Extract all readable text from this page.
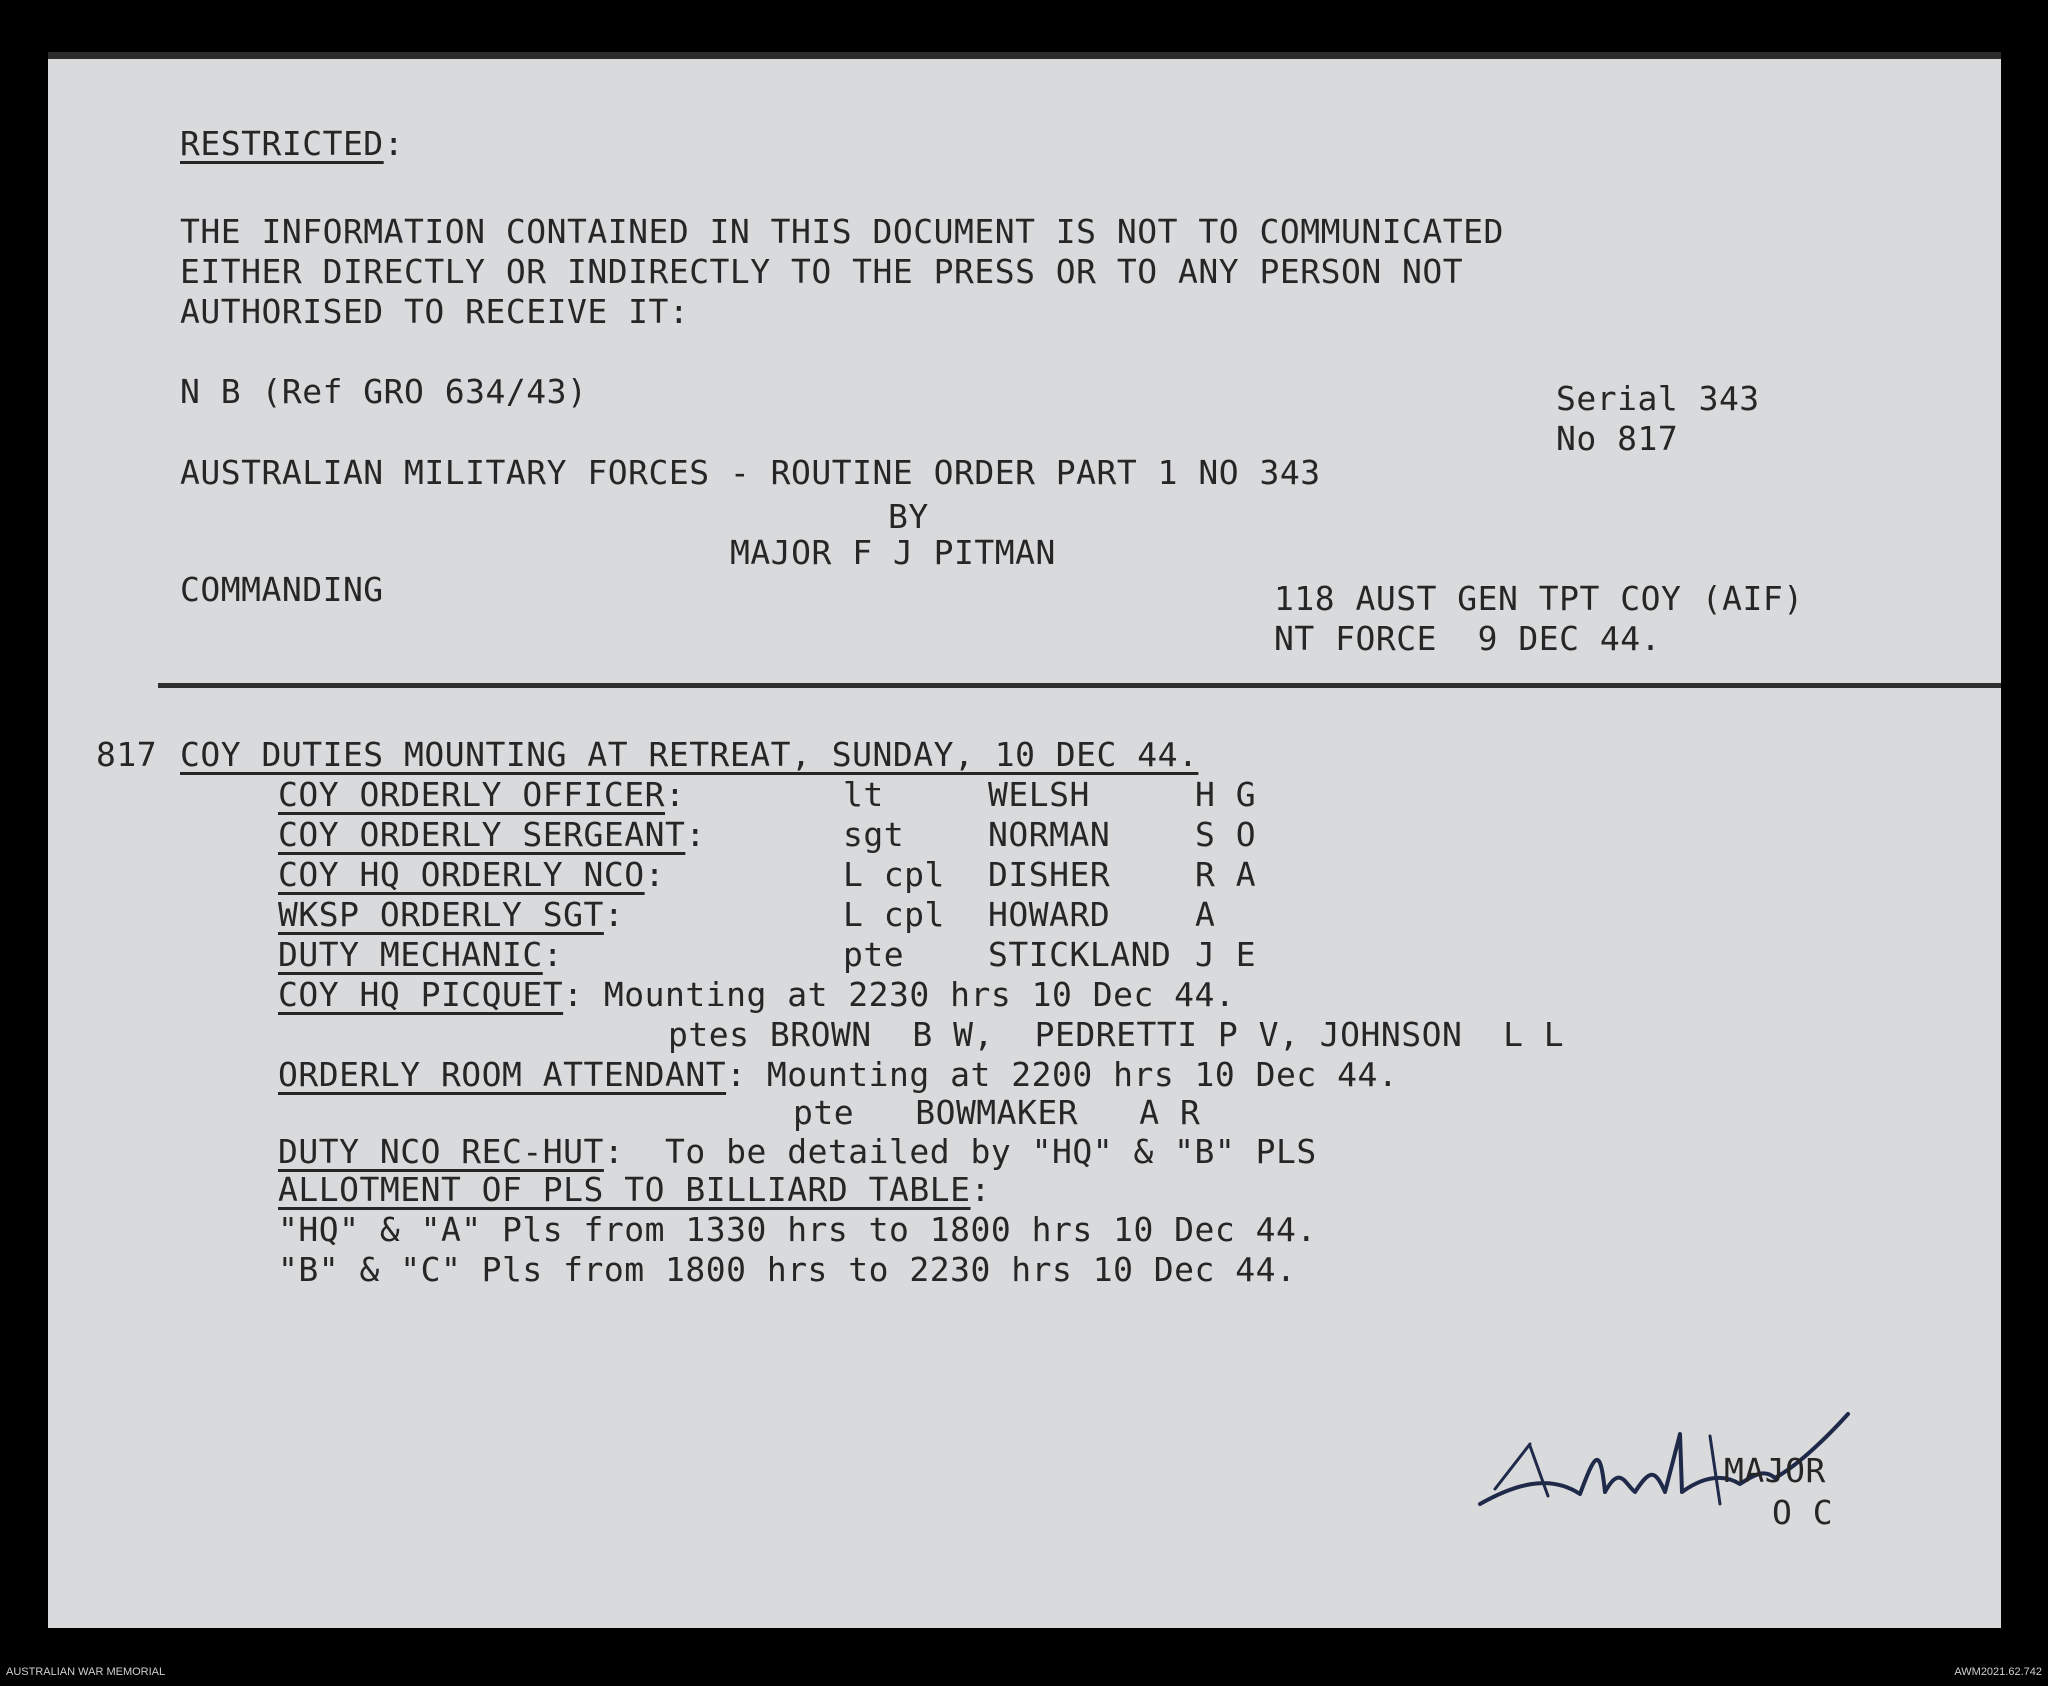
RESTRICTED:
THE INFORMATION CONTAINED IN THIS DOCUMENT IS NOT TO COMMUNICATED
EITHER DIRECTLY OR INDIRECTLY TO THE PRESS OR TO ANY PERSON NOT
AUTHORISED TO RECEIVE IT:
N B (Ref GRO 634/43)	Serial 343
No 817
AUSTRALIAN MILITARY FORCES - ROUTINE ORDER PART 1 NO 343
BY
MAJOR F J PITMAN
COMMANDING	118 AUST GEN TPT COY (AIF)
NT FORCE  9 DEC 44.
817 COY DUTIES MOUNTING AT RETREAT, SUNDAY, 10 DEC 44.
COY ORDERLY OFFICER:	lt	WELSH	H G
COY ORDERLY SERGEANT:	sgt	NORMAN	S O
COY HQ ORDERLY NCO:	L cpl DISHER	R A
WKSP ORDERLY SGT:	L cpl HOWARD	A
DUTY MECHANIC:	pte	STICKLAND J E
COY HQ PICQUET: Mounting at 2230 hrs 10 Dec 44.
ptes BROWN  B W,  PEDRETTI P V, JOHNSON  L L
ORDERLY ROOM ATTENDANT: Mounting at 2200 hrs 10 Dec 44.
pte   BOWMAKER   A R
DUTY NCO REC-HUT:  To be detailed by "HQ" & "B" PLS
ALLOTMENT OF PLS TO BILLIARD TABLE:
"HQ" & "A" Pls from 1330 hrs to 1800 hrs 10 Dec 44.
"B" & "C" Pls from 1800 hrs to 2230 hrs 10 Dec 44.
MAJOR
O C
AUSTRALIAN WAR MEMORIAL	AWM2021.62.742
